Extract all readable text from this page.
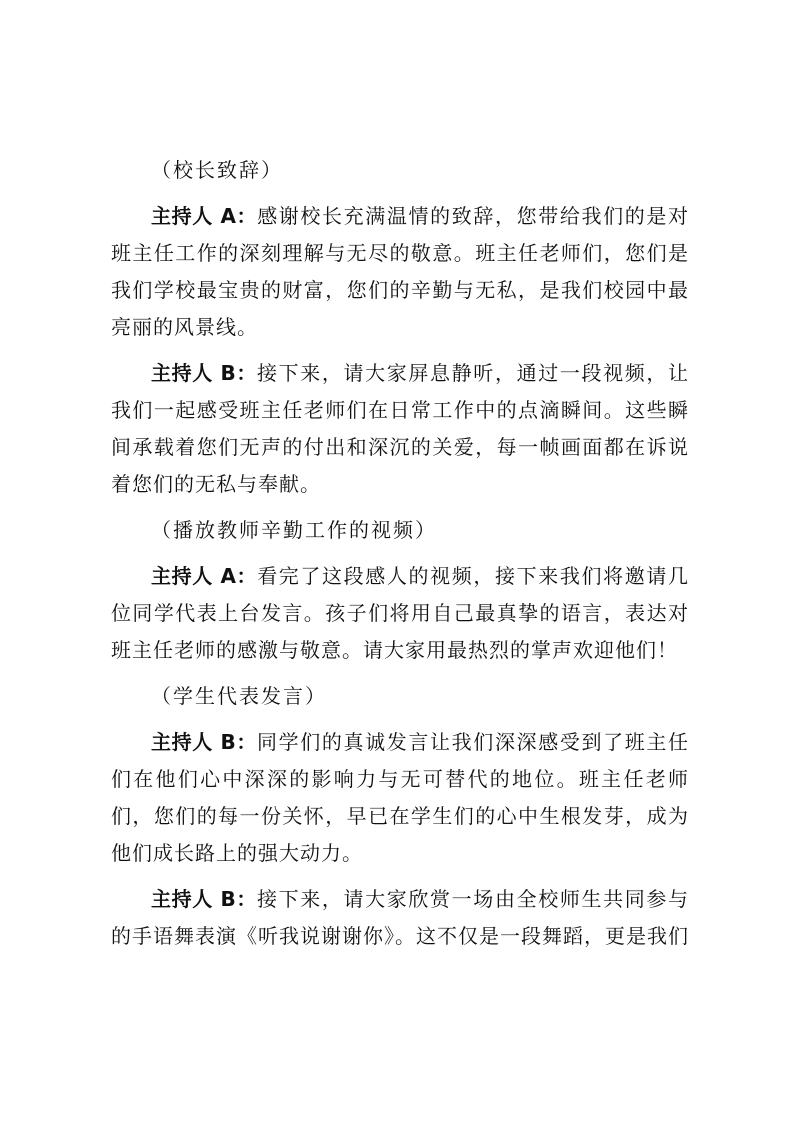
（校长致辞）

主持人 A：感谢校长充满温情的致辞，您带给我们的是对班主任工作的深刻理解与无尽的敬意。班主任老师们，您们是我们学校最宝贵的财富，您们的辛勤与无私，是我们校园中最亮丽的风景线。

主持人 B：接下来，请大家屏息静听，通过一段视频，让我们一起感受班主任老师们在日常工作中的点滴瞬间。这些瞬间承载着您们无声的付出和深沉的关爱，每一帧画面都在诉说着您们的无私与奉献。

（播放教师辛勤工作的视频）

主持人 A：看完了这段感人的视频，接下来我们将邀请几位同学代表上台发言。孩子们将用自己最真挚的语言，表达对班主任老师的感激与敬意。请大家用最热烈的掌声欢迎他们！

（学生代表发言）

主持人 B：同学们的真诚发言让我们深深感受到了班主任们在他们心中深深的影响力与无可替代的地位。班主任老师们，您们的每一份关怀，早已在学生们的心中生根发芽，成为他们成长路上的强大动力。

主持人 B：接下来，请大家欣赏一场由全校师生共同参与的手语舞表演《听我说谢谢你》。这不仅是一段舞蹈，更是我们
